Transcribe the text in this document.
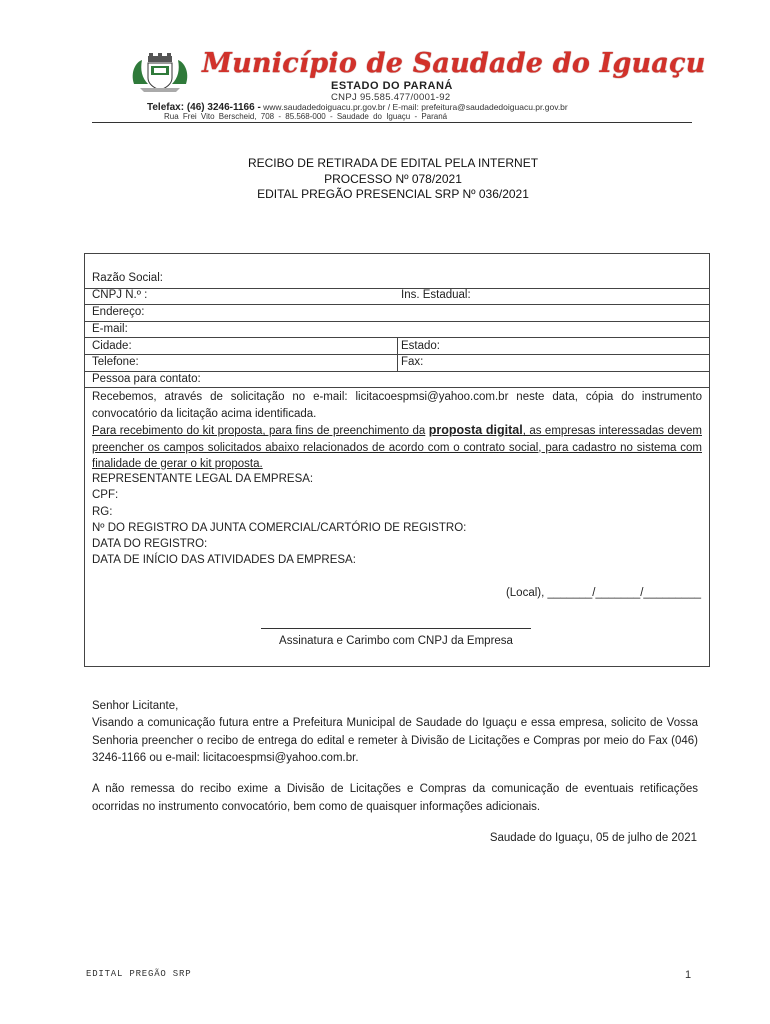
Município de Saudade do Iguaçu
ESTADO DO PARANÁ
CNPJ 95.585.477/0001-92
Telefax: (46) 3246-1166 - www.saudadedoiguacu.pr.gov.br / E-mail: prefeitura@saudadedoiguacu.pr.gov.br
Rua Frei Vito Berscheid, 708 - 85.568-000 - Saudade do Iguaçu - Paraná
RECIBO DE RETIRADA DE EDITAL PELA INTERNET
PROCESSO Nº 078/2021
EDITAL PREGÃO PRESENCIAL SRP Nº 036/2021
Razão Social:
CNPJ N.º :	Ins. Estadual:
Endereço:
E-mail:
Cidade:	Estado:
Telefone:	Fax:
Pessoa para contato:
Recebemos, através de solicitação no e-mail: licitacoespmsi@yahoo.com.br neste data, cópia do instrumento convocatório da licitação acima identificada.
Para recebimento do kit proposta, para fins de preenchimento da proposta digital, as empresas interessadas devem preencher os campos solicitados abaixo relacionados de acordo com o contrato social, para cadastro no sistema com finalidade de gerar o kit proposta.
REPRESENTANTE LEGAL DA EMPRESA:
CPF:
RG:
Nº DO REGISTRO DA JUNTA COMERCIAL/CARTÓRIO DE REGISTRO:
DATA DO REGISTRO:
DATA DE INÍCIO DAS ATIVIDADES DA EMPRESA:
(Local), _______/_______/_________
Assinatura e Carimbo com CNPJ da Empresa
Senhor Licitante,
Visando a comunicação futura entre a Prefeitura Municipal de Saudade do Iguaçu e essa empresa, solicito de Vossa Senhoria preencher o recibo de entrega do edital e remeter à Divisão de Licitações e Compras por meio do Fax (046) 3246-1166 ou e-mail: licitacoespmsi@yahoo.com.br.
A não remessa do recibo exime a Divisão de Licitações e Compras da comunicação de eventuais retificações ocorridas no instrumento convocatório, bem como de quaisquer informações adicionais.
Saudade do Iguaçu, 05 de julho de 2021
EDITAL PREGÃO SRP	1
